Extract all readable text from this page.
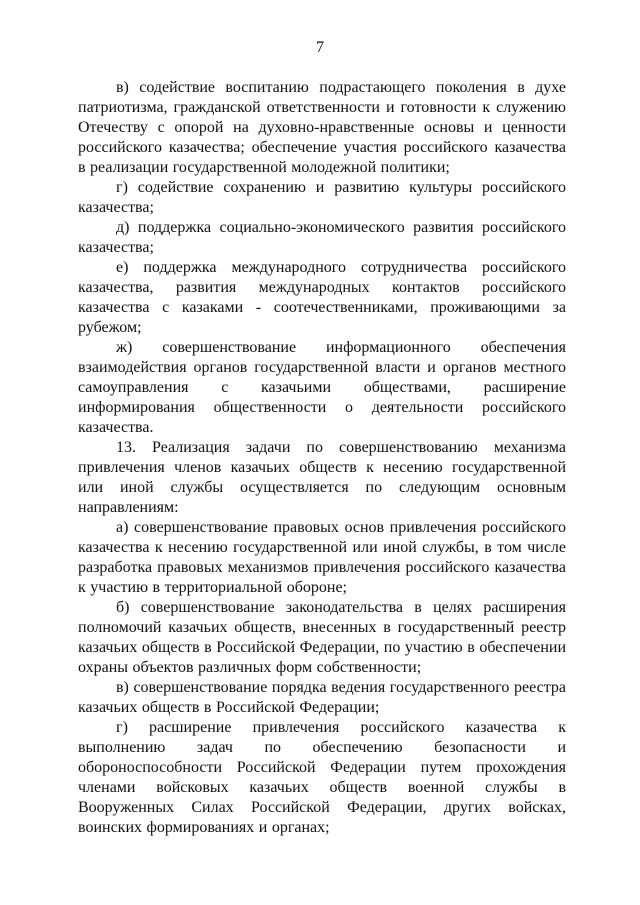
7

в) содействие воспитанию подрастающего поколения в духе патриотизма, гражданской ответственности и готовности к служению Отечеству с опорой на духовно-нравственные основы и ценности российского казачества; обеспечение участия российского казачества в реализации государственной молодежной политики;

г) содействие сохранению и развитию культуры российского казачества;

д) поддержка социально-экономического развития российского казачества;

е) поддержка международного сотрудничества российского казачества, развития международных контактов российского казачества с казаками - соотечественниками, проживающими за рубежом;

ж) совершенствование информационного обеспечения взаимодействия органов государственной власти и органов местного самоуправления с казачьими обществами, расширение информирования общественности о деятельности российского казачества.

13. Реализация задачи по совершенствованию механизма привлечения членов казачьих обществ к несению государственной или иной службы осуществляется по следующим основным направлениям:

а) совершенствование правовых основ привлечения российского казачества к несению государственной или иной службы, в том числе разработка правовых механизмов привлечения российского казачества к участию в территориальной обороне;

б) совершенствование законодательства в целях расширения полномочий казачьих обществ, внесенных в государственный реестр казачьих обществ в Российской Федерации, по участию в обеспечении охраны объектов различных форм собственности;

в) совершенствование порядка ведения государственного реестра казачьих обществ в Российской Федерации;

г) расширение привлечения российского казачества к выполнению задач по обеспечению безопасности и обороноспособности Российской Федерации путем прохождения членами войсковых казачьих обществ военной службы в Вооруженных Силах Российской Федерации, других войсках, воинских формированиях и органах;
